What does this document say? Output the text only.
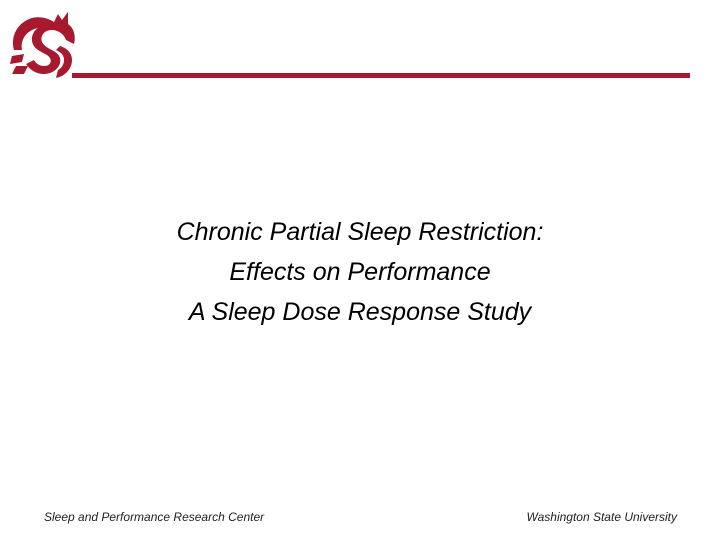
Chronic Partial Sleep Restriction:
Effects on Performance
A Sleep Dose Response Study
Sleep and Performance Research Center	Washington State University
